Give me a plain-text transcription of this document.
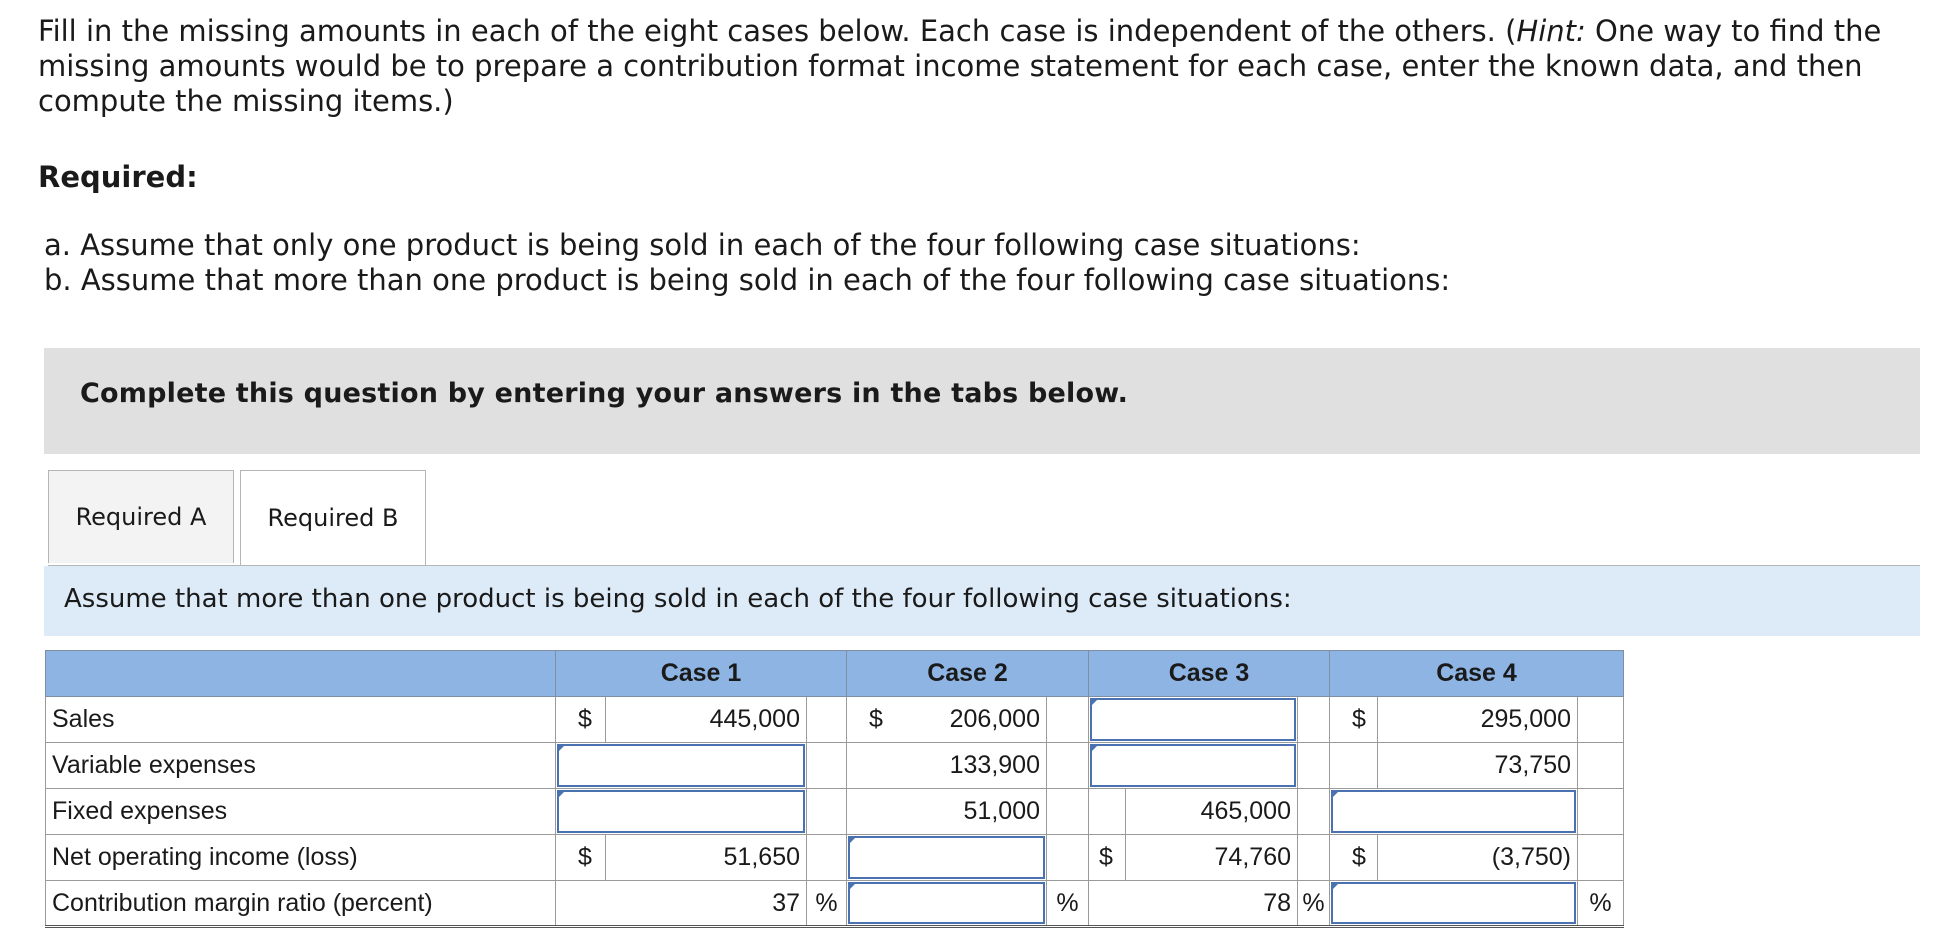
Fill in the missing amounts in each of the eight cases below. Each case is independent of the others. (Hint: One way to find the missing amounts would be to prepare a contribution format income statement for each case, enter the known data, and then compute the missing items.)
Required:
a. Assume that only one product is being sold in each of the four following case situations:
b. Assume that more than one product is being sold in each of the four following case situations:
Complete this question by entering your answers in the tabs below.
Required A	Required B
Assume that more than one product is being sold in each of the four following case situations:
	Case 1			Case 2		Case 3			Case 4		
Sales	$	445,000		$ 206,000					$	295,000	
Variable expenses				133,900						73,750	
Fixed expenses				51,000			465,000			

Net operating income (loss)	$	51,650				$	74,760		$	(3,750)	
Contribution margin ratio (percent)	37		%		%	78		%			%
